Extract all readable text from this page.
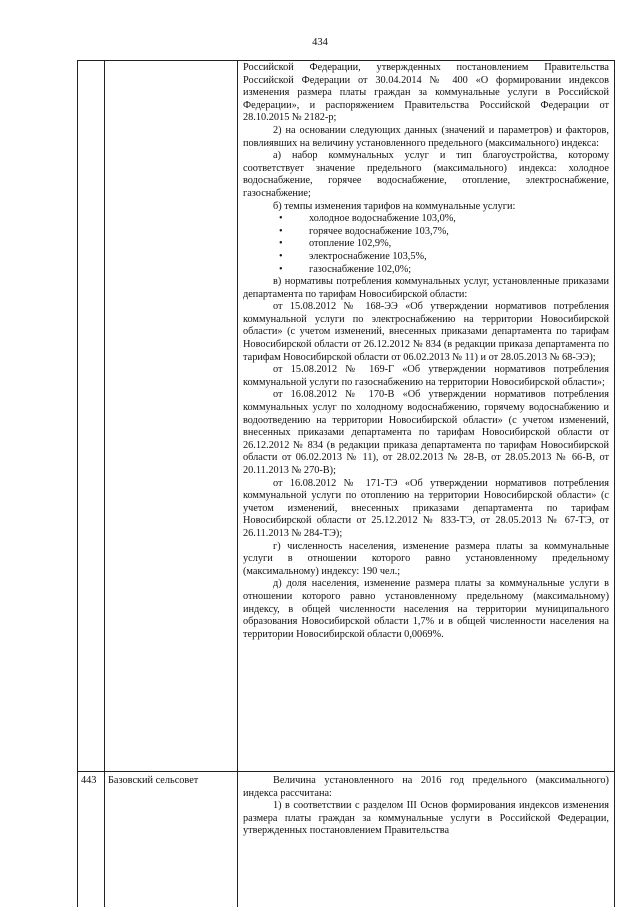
434

Российской Федерации, утвержденных постановлением Правительства Российской Федерации от 30.04.2014 № 400 «О формировании индексов изменения размера платы граждан за коммунальные услуги в Российской Федерации», и распоряжением Правительства Российской Федерации от 28.10.2015 № 2182-р;

2) на основании следующих данных (значений и параметров) и факторов, повлиявших на величину установленного предельного (максимального) индекса:

а) набор коммунальных услуг и тип благоустройства, которому соответствует значение предельного (максимального) индекса: холодное водоснабжение, горячее водоснабжение, отопление, электроснабжение, газоснабжение;

б) темпы изменения тарифов на коммунальные услуги:

• холодное водоснабжение 103,0%,
• горячее водоснабжение 103,7%,
• отопление 102,9%,
• электроснабжение 103,5%,
• газоснабжение 102,0%;

в) нормативы потребления коммунальных услуг, установленные приказами департамента по тарифам Новосибирской области:

от 15.08.2012 № 168-ЭЭ «Об утверждении нормативов потребления коммунальной услуги по электроснабжению на территории Новосибирской области» (с учетом изменений, внесенных приказами департамента по тарифам Новосибирской области от 26.12.2012 № 834 (в редакции приказа департамента по тарифам Новосибирской области от 06.02.2013 № 11) и от 28.05.2013 № 68-ЭЭ);

от 15.08.2012 № 169-Г «Об утверждении нормативов потребления коммунальной услуги по газоснабжению на территории Новосибирской области»;

от 16.08.2012 № 170-В «Об утверждении нормативов потребления коммунальных услуг по холодному водоснабжению, горячему водоснабжению и водоотведению на территории Новосибирской области» (с учетом изменений, внесенных приказами департамента по тарифам Новосибирской области от 26.12.2012 № 834 (в редакции приказа департамента по тарифам Новосибирской области от 06.02.2013 № 11), от 28.02.2013 № 28-В, от 28.05.2013 № 66-В, от 20.11.2013 № 270-В);

от 16.08.2012 № 171-ТЭ «Об утверждении нормативов потребления коммунальной услуги по отоплению на территории Новосибирской области» (с учетом изменений, внесенных приказами департамента по тарифам Новосибирской области от 25.12.2012 № 833-ТЭ, от 28.05.2013 № 67-ТЭ, от 26.11.2013 № 284-ТЭ);

г) численность населения, изменение размера платы за коммунальные услуги в отношении которого равно установленному предельному (максимальному) индексу: 190 чел.;

д) доля населения, изменение размера платы за коммунальные услуги в отношении которого равно установленному предельному (максимальному) индексу, в общей численности населения на территории муниципального образования Новосибирской области 1,7% и в общей численности населения на территории Новосибирской области 0,0069%.

443	Базовский сельсовет	Величина установленного на 2016 год предельного (максимального) индекса рассчитана:

1) в соответствии с разделом III Основ формирования индексов изменения размера платы граждан за коммунальные услуги в Российской Федерации, утвержденных постановлением Правительства
